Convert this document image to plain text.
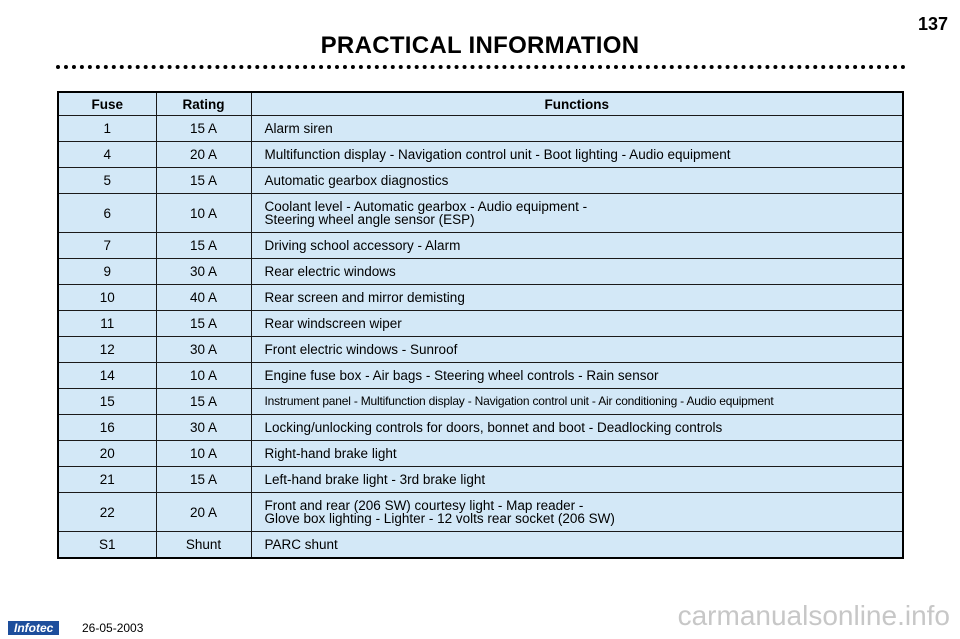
137
PRACTICAL INFORMATION
Fuse	Rating	Functions
1	15 A	Alarm siren

4	20 A	Multifunction display - Navigation control unit - Boot lighting - Audio equipment

5	15 A	Automatic gearbox diagnostics

6	10 A	Coolant level - Automatic gearbox - Audio equipment -
Steering wheel angle sensor (ESP)

7	15 A	Driving school accessory - Alarm

9	30 A	Rear electric windows

10	40 A	Rear screen and mirror demisting

11	15 A	Rear windscreen wiper

12	30 A	Front electric windows - Sunroof

14	10 A	Engine fuse box - Air bags - Steering wheel controls - Rain sensor

15	15 A	Instrument panel - Multifunction display - Navigation control unit - Air conditioning - Audio equipment

16	30 A	Locking/unlocking controls for doors, bonnet and boot - Deadlocking controls

20	10 A	Right-hand brake light

21	15 A	Left-hand brake light - 3rd brake light

22	20 A	Front and rear (206 SW) courtesy light - Map reader -
Glove box lighting - Lighter - 12 volts rear socket (206 SW)

S1	Shunt	PARC shunt
Infotec	26-05-2003	carmanualsonline.info
